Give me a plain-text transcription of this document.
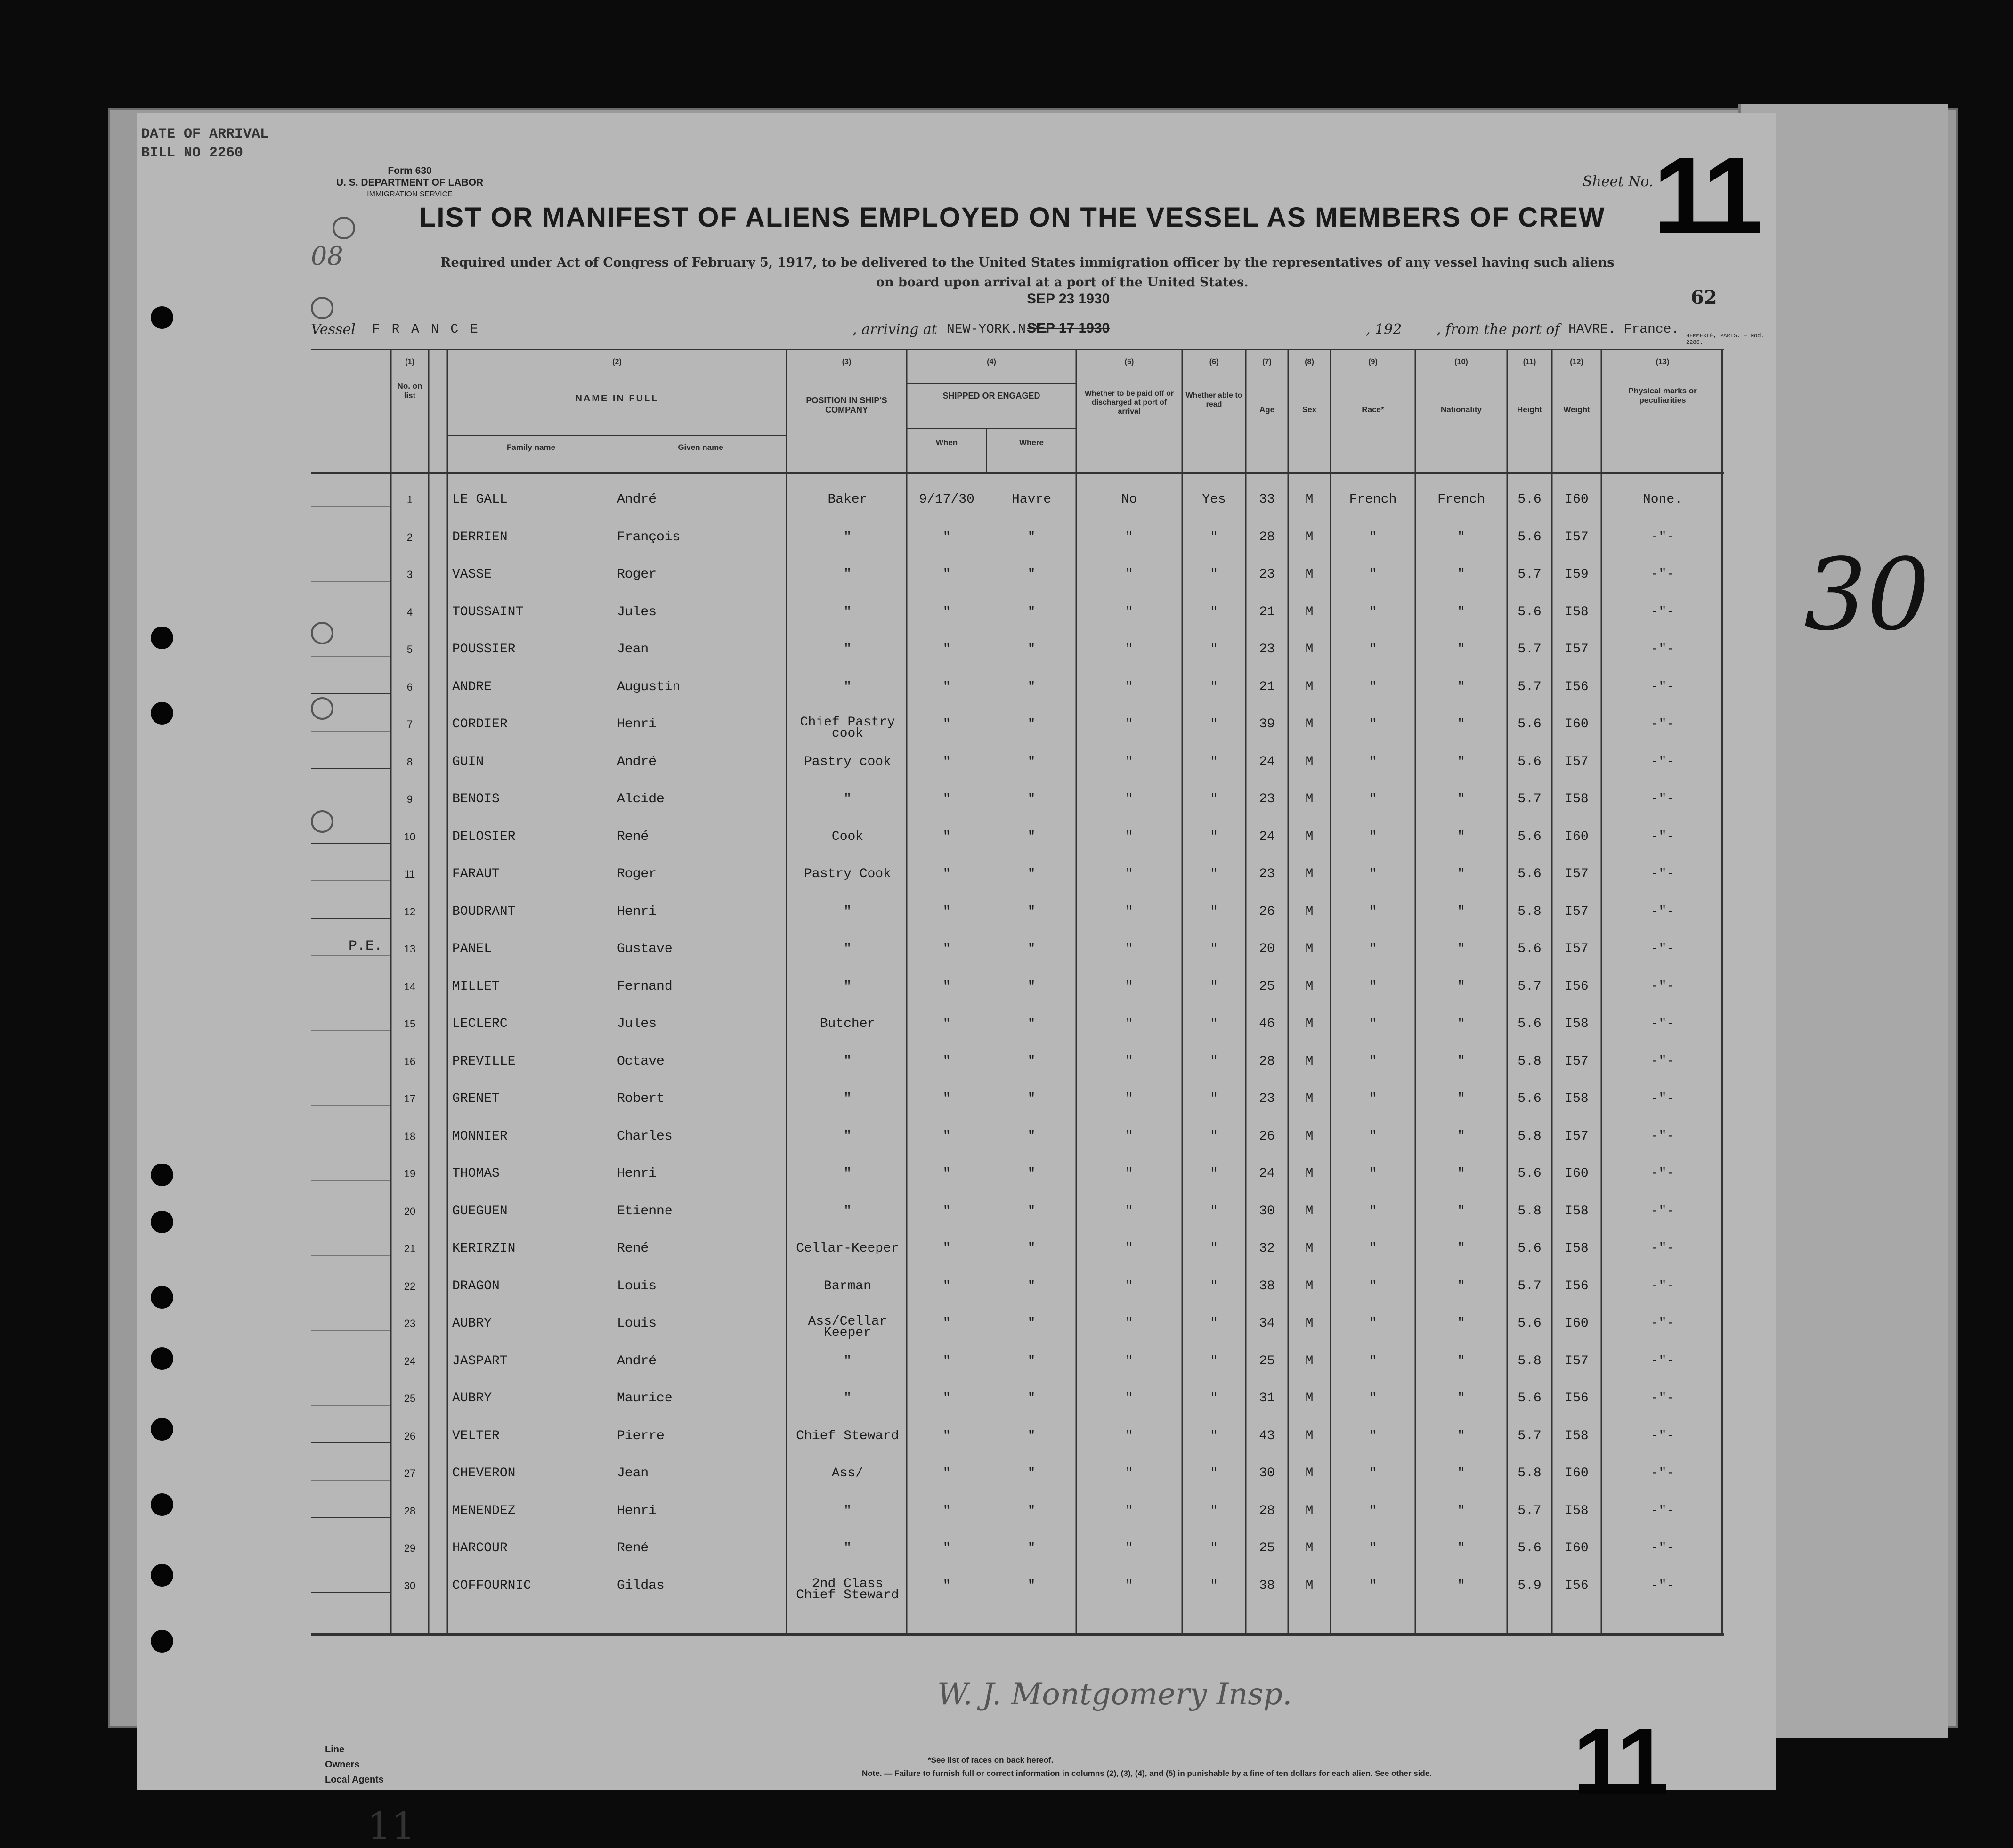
30
DATE OF ARRIVAL
BILL NO 2260
08
Form 630
U. S. DEPARTMENT OF LABOR
IMMIGRATION SERVICE
Sheet No. 11
LIST OR MANIFEST OF ALIENS EMPLOYED ON THE VESSEL AS MEMBERS OF CREW
Required under Act of Congress of February 5, 1917, to be delivered to the United States immigration officer by the representatives of any vessel having such aliens
on board upon arrival at a port of the United States.
62
SEP 23 1930
SEP 17 1930	HEMMERLÉ, PARIS. — Mod. 2286.
Vessel F R A N C E	, arriving at NEW-YORK.N.Y.	, 192 , from the port of HAVRE. France.
(1)	(2)	(3)	(4)	(5)	(6)	(7)	(8)	(9)	(10)	(11)	(12)	(13)
No. on list	NAME IN FULL
Family name	Given name
POSITION IN SHIP'S COMPANY
SHIPPED OR ENGAGED
When	Where
Whether to be paid off or discharged at port of arrival
Whether able to read
Age	Sex	Race*	Nationality	Height	Weight
Physical marks or peculiarities
1	LE GALL	André	Baker	9/17/30	Havre	No	Yes	33	M	French	French	5.6	I60	None.
2	DERRIEN	François	"	"	"	"	"	28	M	"	"	5.6	I57	-"-
3	VASSE	Roger	"	"	"	"	"	23	M	"	"	5.7	I59	-"-
4	TOUSSAINT	Jules	"	"	"	"	"	21	M	"	"	5.6	I58	-"-
5	POUSSIER	Jean	"	"	"	"	"	23	M	"	"	5.7	I57	-"-
6	ANDRE	Augustin	"	"	"	"	"	21	M	"	"	5.7	I56	-"-
7	CORDIER	Henri	Chief Pastry
cook
"	"	"	"	39	M	"	"	5.6	I60	-"-
8	GUIN	André	Pastry cook	"	"	"	"	24	M	"	"	5.6	I57	-"-
9	BENOIS	Alcide	"	"	"	"	"	23	M	"	"	5.7	I58	-"-
10	DELOSIER	René	Cook	"	"	"	"	24	M	"	"	5.6	I60	-"-
11	FARAUT	Roger	Pastry Cook	"	"	"	"	23	M	"	"	5.6	I57	-"-
12	BOUDRANT	Henri	"	"	"	"	"	26	M	"	"	5.8	I57	-"-
13	PANEL	Gustave	"	"	"	"	"	20	M	"	"	5.6	I57	-"-
14	MILLET	Fernand	"	"	"	"	"	25	M	"	"	5.7	I56	-"-
15	LECLERC	Jules	Butcher	"	"	"	"	46	M	"	"	5.6	I58	-"-
16	PREVILLE	Octave	"	"	"	"	"	28	M	"	"	5.8	I57	-"-
17	GRENET	Robert	"	"	"	"	"	23	M	"	"	5.6	I58	-"-
18	MONNIER	Charles	"	"	"	"	"	26	M	"	"	5.8	I57	-"-
19	THOMAS	Henri	"	"	"	"	"	24	M	"	"	5.6	I60	-"-
20	GUEGUEN	Etienne	"	"	"	"	"	30	M	"	"	5.8	I58	-"-
21	KERIRZIN	René	Cellar-Keeper	"	"	"	"	32	M	"	"	5.6	I58	-"-
22	DRAGON	Louis	Barman	"	"	"	"	38	M	"	"	5.7	I56	-"-
23	AUBRY	Louis	Ass/Cellar
Keeper
"	"	"	"	34	M	"	"	5.6	I60	-"-
24	JASPART	André	"	"	"	"	"	25	M	"	"	5.8	I57	-"-
25	AUBRY	Maurice	"	"	"	"	"	31	M	"	"	5.6	I56	-"-
26	VELTER	Pierre	Chief Steward	"	"	"	"	43	M	"	"	5.7	I58	-"-
27	CHEVERON	Jean	Ass/	"	"	"	"	30	M	"	"	5.8	I60	-"-
28	MENENDEZ	Henri	"	"	"	"	"	28	M	"	"	5.7	I58	-"-
29	HARCOUR	René	"	"	"	"	"	25	M	"	"	5.6	I60	-"-
30	COFFOURNIC	Gildas	2nd Class
Chief Steward
"	"	"	"	38	M	"	"	5.9	I56	-"-
P.E.
W. J. Montgomery Insp.
Line
Owners
Local Agents
*See list of races on back hereof.
Note. — Failure to furnish full or correct information in columns (2), (3), (4), and (5) in punishable by a fine of ten dollars for each alien. See other side.	11
11
